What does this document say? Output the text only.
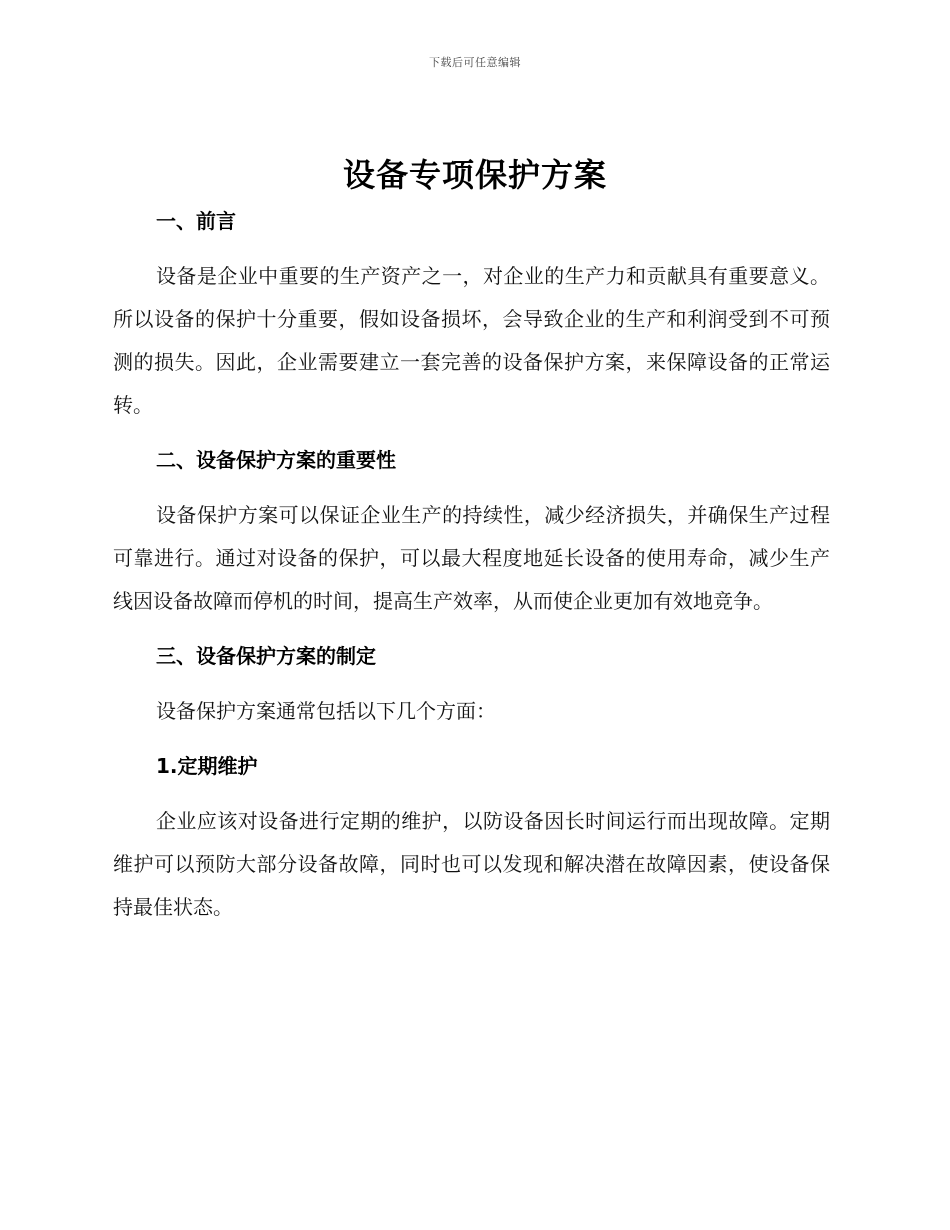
下载后可任意编辑
设备专项保护方案
一、前言

设备是企业中重要的生产资产之一，对企业的生产力和贡献具有重要意义。所以设备的保护十分重要，假如设备损坏，会导致企业的生产和利润受到不可预测的损失。因此，企业需要建立一套完善的设备保护方案，来保障设备的正常运转。

二、设备保护方案的重要性

设备保护方案可以保证企业生产的持续性，减少经济损失，并确保生产过程可靠进行。通过对设备的保护，可以最大程度地延长设备的使用寿命，减少生产线因设备故障而停机的时间，提高生产效率，从而使企业更加有效地竞争。

三、设备保护方案的制定

设备保护方案通常包括以下几个方面：

1.定期维护

企业应该对设备进行定期的维护，以防设备因长时间运行而出现故障。定期维护可以预防大部分设备故障，同时也可以发现和解决潜在故障因素，使设备保持最佳状态。
